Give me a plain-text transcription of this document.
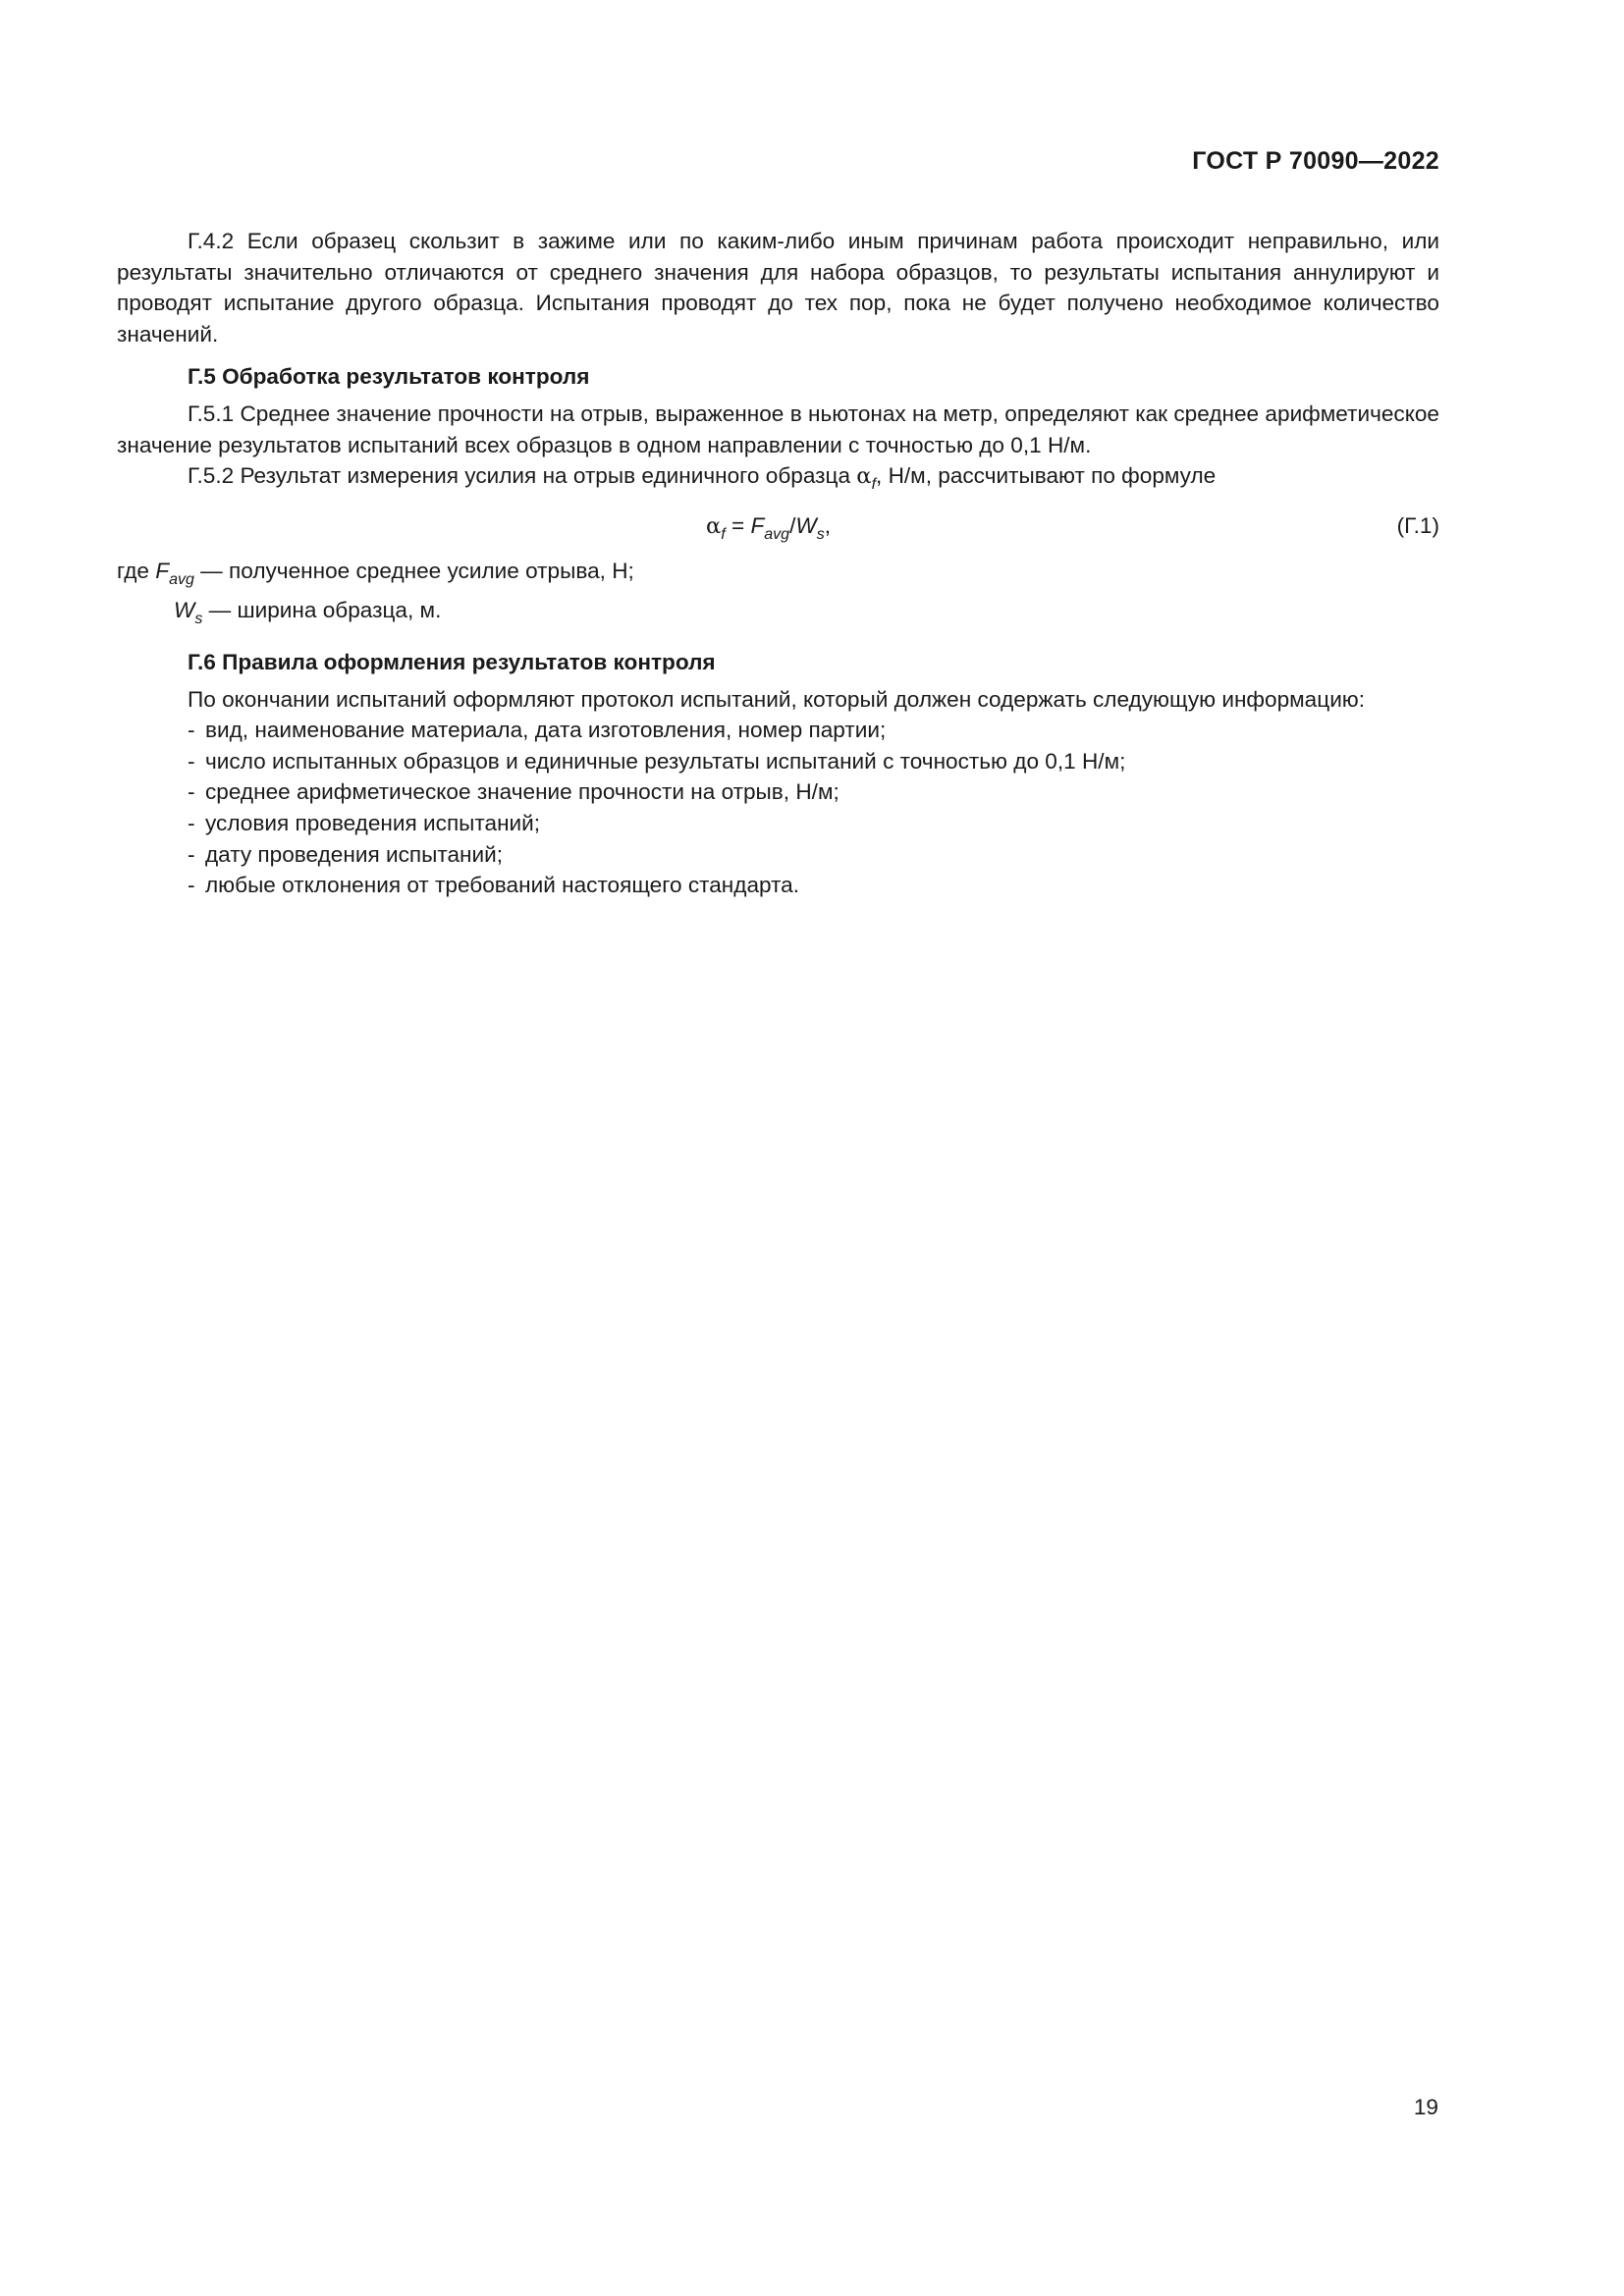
ГОСТ Р 70090—2022

Г.4.2 Если образец скользит в зажиме или по каким-либо иным причинам работа происходит неправильно, или результаты значительно отличаются от среднего значения для набора образцов, то результаты испытания аннулируют и проводят испытание другого образца. Испытания проводят до тех пор, пока не будет получено необходимое количество значений.

Г.5 Обработка результатов контроля

Г.5.1 Среднее значение прочности на отрыв, выраженное в ньютонах на метр, определяют как среднее арифметическое значение результатов испытаний всех образцов в одном направлении с точностью до 0,1 Н/м.

Г.5.2 Результат измерения усилия на отрыв единичного образца $\alpha_f$, Н/м, рассчитывают по формуле

$\alpha_f = F_{avg}/W_s$,	(Г.1)
где $F_{avg}$ — полученное среднее усилие отрыва, Н;
$W_s$ — ширина образца, м.
Г.6 Правила оформления результатов контроля

По окончании испытаний оформляют протокол испытаний, который должен содержать следующую информацию:

- вид, наименование материала, дата изготовления, номер партии;
- число испытанных образцов и единичные результаты испытаний с точностью до 0,1 Н/м;
- среднее арифметическое значение прочности на отрыв, Н/м;
- условия проведения испытаний;
- дату проведения испытаний;
- любые отклонения от требований настоящего стандарта.
19
